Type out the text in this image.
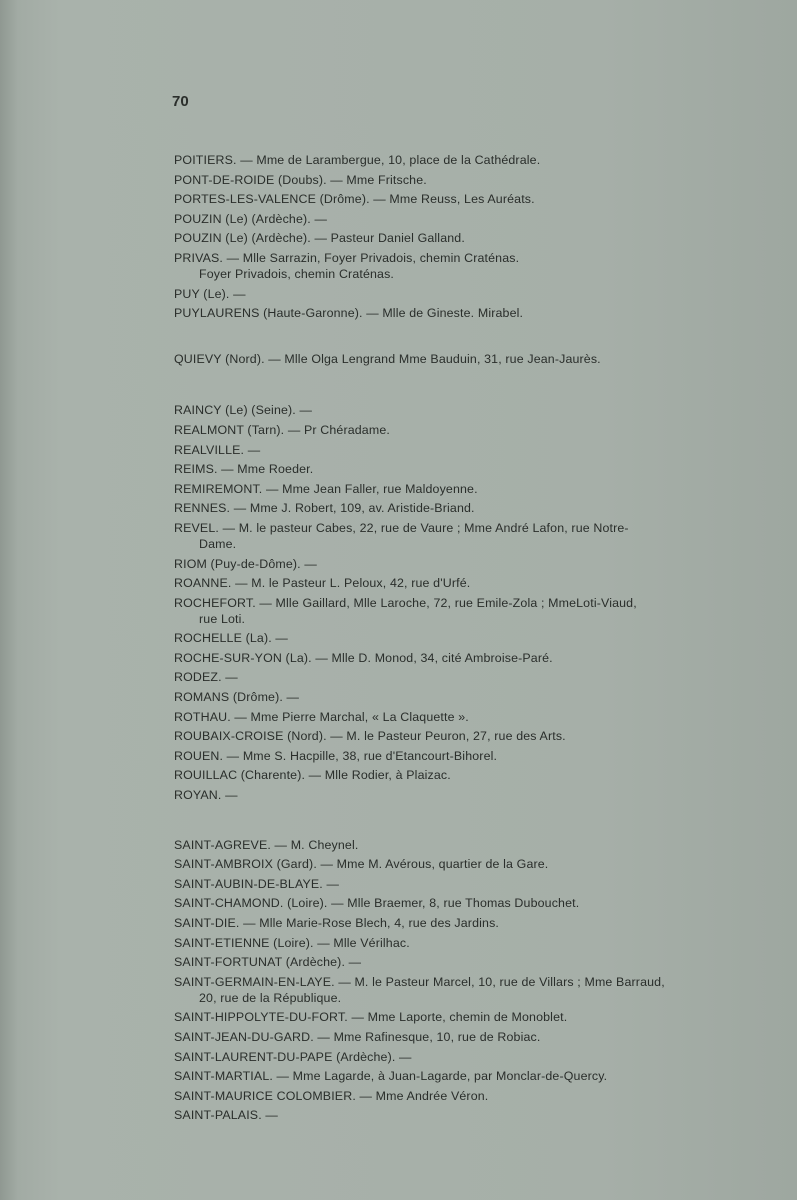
70
POITIERS. — Mme de Larambergue, 10, place de la Cathédrale.
PONT-DE-ROIDE (Doubs). — Mme Fritsche.
PORTES-LES-VALENCE (Drôme). — Mme Reuss, Les Auréats.
POUZIN (Le) (Ardèche). —
POUZIN (Le) (Ardèche). — Pasteur Daniel Galland.
PRIVAS. — Mlle Sarrazin, Foyer Privadois, chemin Craténas.
Foyer Privadois, chemin Craténas.
PUY (Le). —
PUYLAURENS (Haute-Garonne). — Mlle de Gineste. Mirabel.
QUIEVY (Nord). — Mlle Olga Lengrand Mme Bauduin, 31, rue Jean-Jaurès.
RAINCY (Le) (Seine). —
REALMONT (Tarn). — Pr Chéradame.
REALVILLE. —
REIMS. — Mme Roeder.
REMIREMONT. — Mme Jean Faller, rue Maldoyenne.
RENNES. — Mme J. Robert, 109, av. Aristide-Briand.
REVEL. — M. le pasteur Cabes, 22, rue de Vaure ; Mme André Lafon, rue Notre-
Dame.
RIOM (Puy-de-Dôme). —
ROANNE. — M. le Pasteur L. Peloux, 42, rue d'Urfé.
ROCHEFORT. — Mlle Gaillard, Mlle Laroche, 72, rue Emile-Zola ; MmeLoti-Viaud,
rue Loti.
ROCHELLE (La). —
ROCHE-SUR-YON (La). — Mlle D. Monod, 34, cité Ambroise-Paré.
RODEZ. —
ROMANS (Drôme). —
ROTHAU. — Mme Pierre Marchal, « La Claquette ».
ROUBAIX-CROISE (Nord). — M. le Pasteur Peuron, 27, rue des Arts.
ROUEN. — Mme S. Hacpille, 38, rue d'Etancourt-Bihorel.
ROUILLAC (Charente). — Mlle Rodier, à Plaizac.
ROYAN. —
SAINT-AGREVE. — M. Cheynel.
SAINT-AMBROIX (Gard). — Mme M. Avérous, quartier de la Gare.
SAINT-AUBIN-DE-BLAYE. —
SAINT-CHAMOND. (Loire). — Mlle Braemer, 8, rue Thomas Dubouchet.
SAINT-DIE. — Mlle Marie-Rose Blech, 4, rue des Jardins.
SAINT-ETIENNE (Loire). — Mlle Vérilhac.
SAINT-FORTUNAT (Ardèche). —
SAINT-GERMAIN-EN-LAYE. — M. le Pasteur Marcel, 10, rue de Villars ; Mme Barraud,
20, rue de la République.
SAINT-HIPPOLYTE-DU-FORT. — Mme Laporte, chemin de Monoblet.
SAINT-JEAN-DU-GARD. — Mme Rafinesque, 10, rue de Robiac.
SAINT-LAURENT-DU-PAPE (Ardèche). —
SAINT-MARTIAL. — Mme Lagarde, à Juan-Lagarde, par Monclar-de-Quercy.
SAINT-MAURICE COLOMBIER. — Mme Andrée Véron.
SAINT-PALAIS. —
